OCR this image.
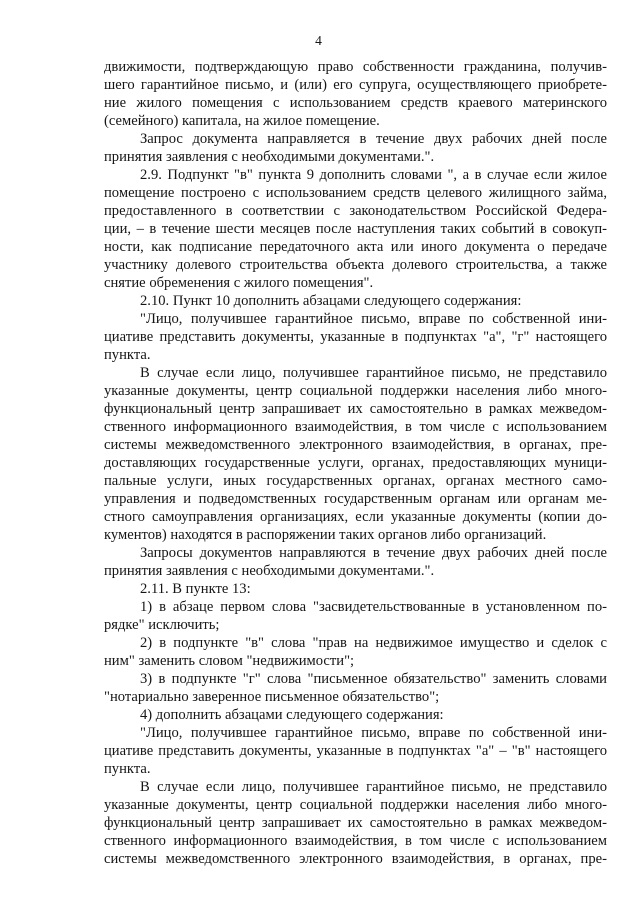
4
движимости, подтверждающую право собственности гражданина, получив-
шего гарантийное письмо, и (или) его супруга, осуществляющего приобрете-
ние жилого помещения с использованием средств краевого материнского
(семейного) капитала, на жилое помещение.
Запрос документа направляется в течение двух рабочих дней после
принятия заявления с необходимыми документами.".
2.9. Подпункт "в" пункта 9 дополнить словами ", а в случае если жилое
помещение построено с использованием средств целевого жилищного займа,
предоставленного в соответствии с законодательством Российской Федера-
ции, – в течение шести месяцев после наступления таких событий в совокуп-
ности, как подписание передаточного акта или иного документа о передаче
участнику долевого строительства объекта долевого строительства, а также
снятие обременения с жилого помещения".
2.10. Пункт 10 дополнить абзацами следующего содержания:
"Лицо, получившее гарантийное письмо, вправе по собственной ини-
циативе представить документы, указанные в подпунктах "а", "г" настоящего
пункта.
В случае если лицо, получившее гарантийное письмо, не представило
указанные документы, центр социальной поддержки населения либо много-
функциональный центр запрашивает их самостоятельно в рамках межведом-
ственного информационного взаимодействия, в том числе с использованием
системы межведомственного электронного взаимодействия, в органах, пре-
доставляющих государственные услуги, органах, предоставляющих муници-
пальные услуги, иных государственных органах, органах местного само-
управления и подведомственных государственным органам или органам ме-
стного самоуправления организациях, если указанные документы (копии до-
кументов) находятся в распоряжении таких органов либо организаций.
Запросы документов направляются в течение двух рабочих дней после
принятия заявления с необходимыми документами.".
2.11. В пункте 13:
1) в абзаце первом слова "засвидетельствованные в установленном по-
рядке" исключить;
2) в подпункте "в" слова "прав на недвижимое имущество и сделок с
ним" заменить словом "недвижимости";
3) в подпункте "г" слова "письменное обязательство" заменить словами
"нотариально заверенное письменное обязательство";
4) дополнить абзацами следующего содержания:
"Лицо, получившее гарантийное письмо, вправе по собственной ини-
циативе представить документы, указанные в подпунктах "а" – "в" настоящего
пункта.
В случае если лицо, получившее гарантийное письмо, не представило
указанные документы, центр социальной поддержки населения либо много-
функциональный центр запрашивает их самостоятельно в рамках межведом-
ственного информационного взаимодействия, в том числе с использованием
системы межведомственного электронного взаимодействия, в органах, пре-
